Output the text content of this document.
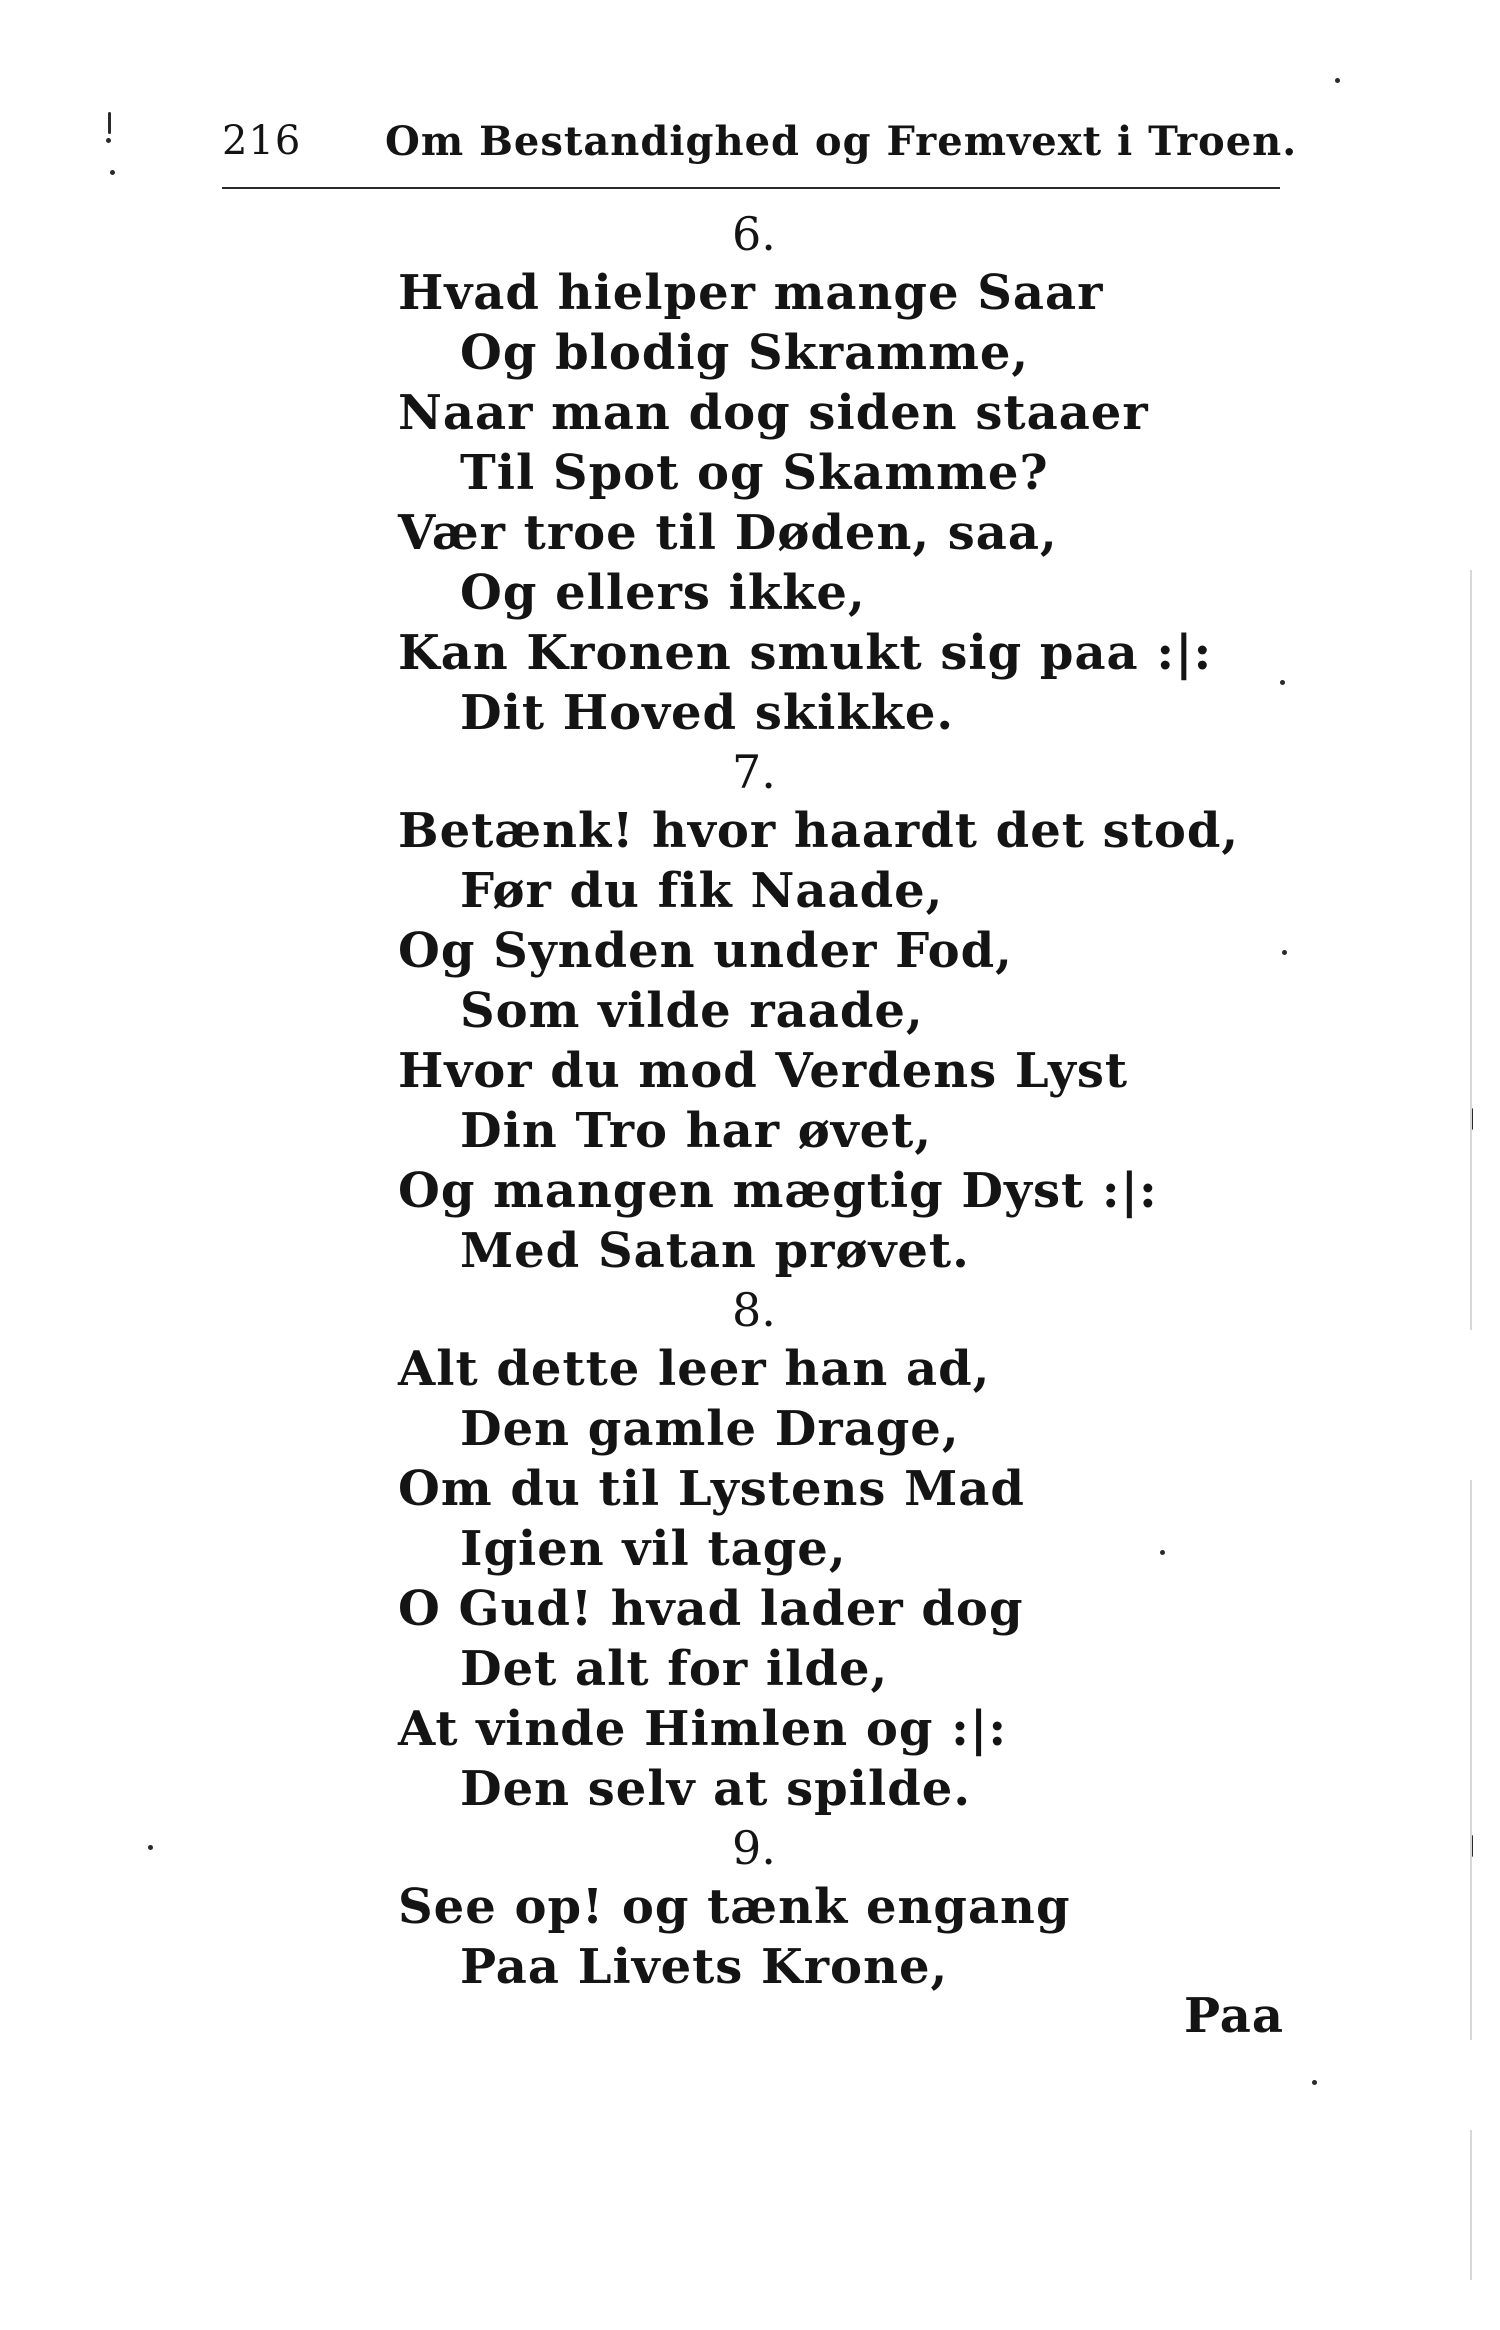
216 Om Bestandighed og Fremvext i Troen.
6.
Hvad hielper mange Saar
Og blodig Skramme,
Naar man dog siden staaer
Til Spot og Skamme?
Vær troe til Døden, saa,
Og ellers ikke,
Kan Kronen smukt sig paa :|:
Dit Hoved skikke.
7.
Betænk! hvor haardt det stod,
Før du fik Naade,
Og Synden under Fod,
Som vilde raade,
Hvor du mod Verdens Lyst
Din Tro har øvet,
Og mangen mægtig Dyst :|:
Med Satan prøvet.
8.
Alt dette leer han ad,
Den gamle Drage,
Om du til Lystens Mad
Igien vil tage,
O Gud! hvad lader dog
Det alt for ilde,
At vinde Himlen og :|:
Den selv at spilde.
9.
See op! og tænk engang
Paa Livets Krone,
Paa
